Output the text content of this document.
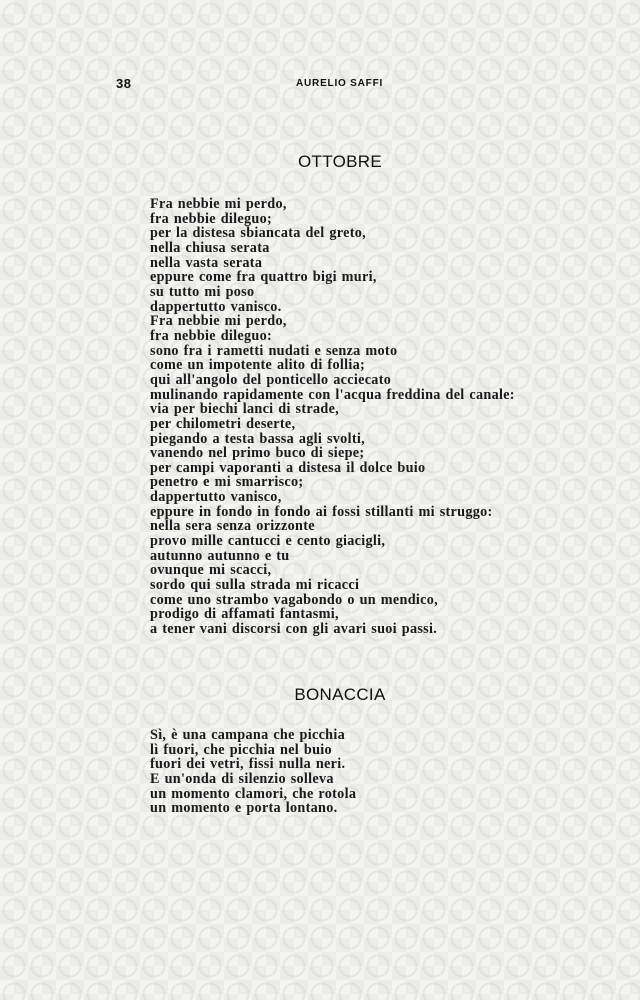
38	AURELIO SAFFI
OTTOBRE
Fra nebbie mi perdo,
fra nebbie dileguo;
per la distesa sbiancata del greto,
nella chiusa serata
nella vasta serata
eppure come fra quattro bigi muri,
su tutto mi poso
dappertutto vanisco.
Fra nebbie mi perdo,
fra nebbie dileguo:
sono fra i rametti nudati e senza moto
come un impotente alito di follia;
qui all'angolo del ponticello acciecato
mulinando rapidamente con l'acqua freddina del canale:
via per biechi lanci di strade,
per chilometri deserte,
piegando a testa bassa agli svolti,
vanendo nel primo buco di siepe;
per campi vaporanti a distesa il dolce buio
penetro e mi smarrisco;
dappertutto vanisco,
eppure in fondo in fondo ai fossi stillanti mi struggo:
nella sera senza orizzonte
provo mille cantucci e cento giacigli,
autunno autunno e tu
ovunque mi scacci,
sordo qui sulla strada mi ricacci
come uno strambo vagabondo o un mendico,
prodigo di affamati fantasmi,
a tener vani discorsi con gli avari suoi passi.
BONACCIA
Sì, è una campana che picchia
lì fuori, che picchia nel buio
fuori dei vetri, fissi nulla neri.
E un'onda di silenzio solleva
un momento clamori, che rotola
un momento e porta lontano.
